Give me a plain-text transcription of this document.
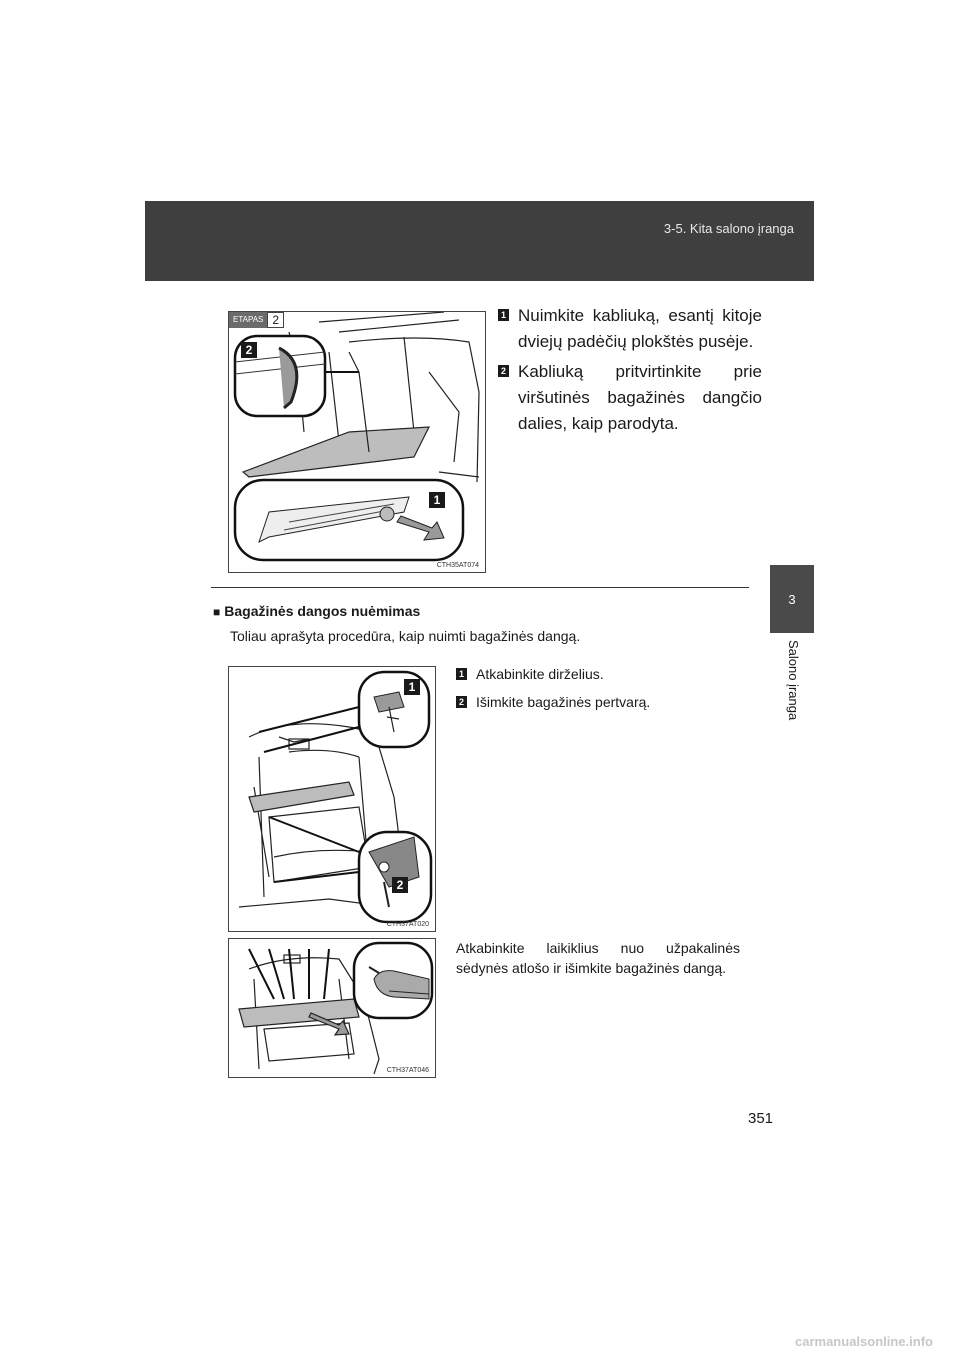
3-5. Kita salono įranga
3
Salono įranga
ETAPAS 2
2
1
CTH35AT074
1 Nuimkite kabliuką, esantį kitoje dviejų padėčių plokštės pusėje.
2 Kabliuką pritvirtinkite prie viršutinės bagažinės dangčio dalies, kaip parodyta.
■ Bagažinės dangos nuėmimas
Toliau aprašyta procedūra, kaip nuimti bagažinės dangą.
1
2
CTH37AT020
1 Atkabinkite dirželius.
2 Išimkite bagažinės pertvarą.
CTH37AT046
Atkabinkite laikiklius nuo užpakalinės sėdynės atlošo ir išimkite bagažinės dangą.
351
carmanualsonline.info
